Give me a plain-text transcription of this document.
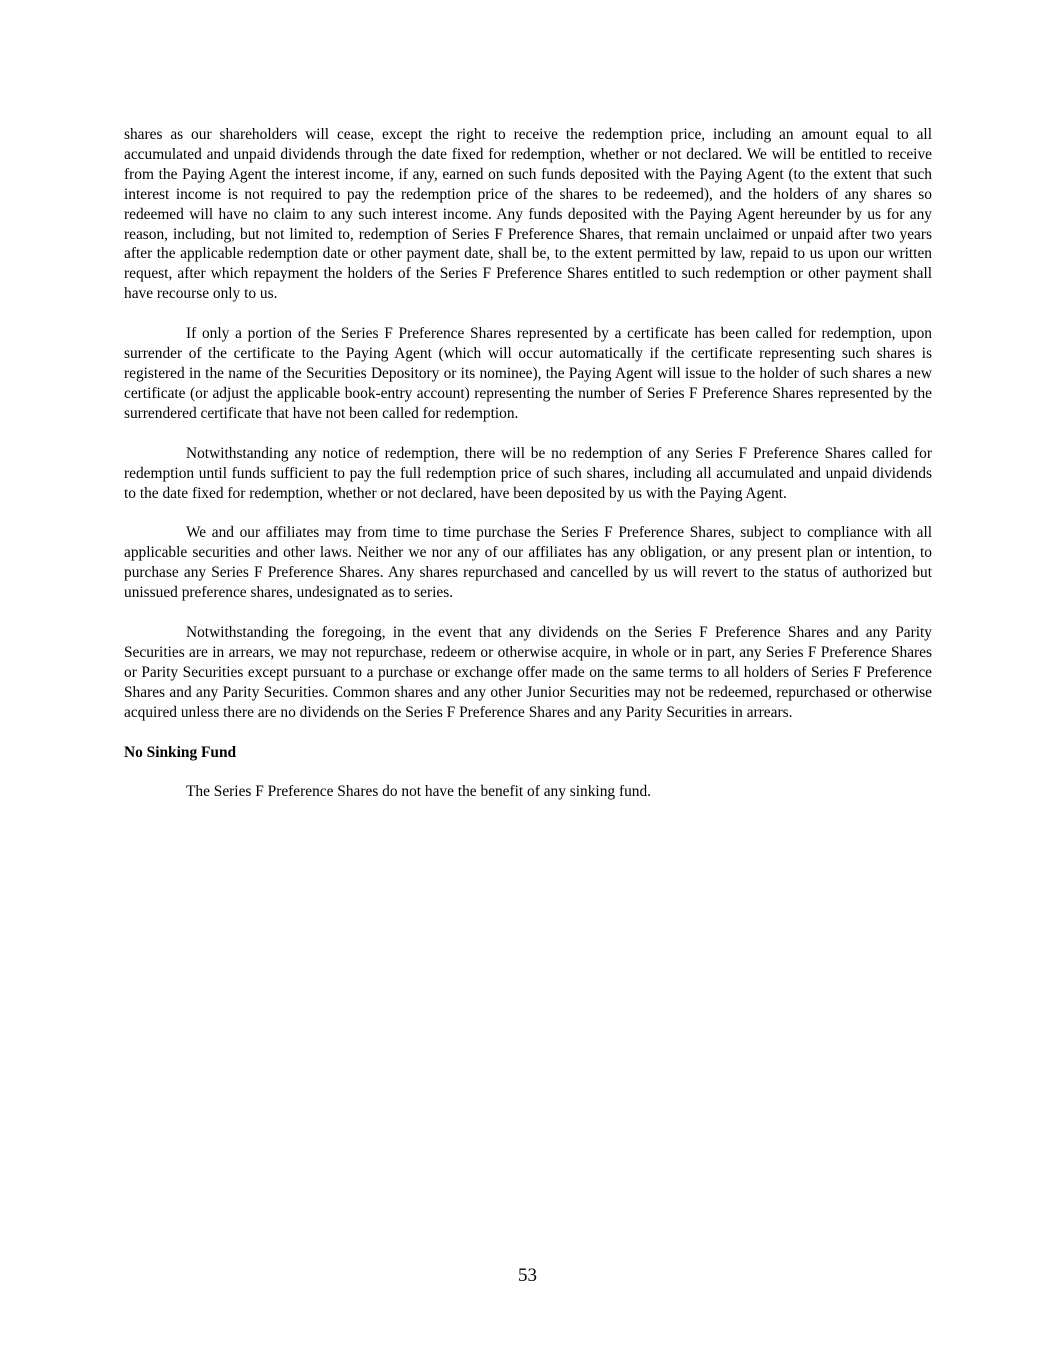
shares as our shareholders will cease, except the right to receive the redemption price, including an amount equal to all accumulated and unpaid dividends through the date fixed for redemption, whether or not declared. We will be entitled to receive from the Paying Agent the interest income, if any, earned on such funds deposited with the Paying Agent (to the extent that such interest income is not required to pay the redemption price of the shares to be redeemed), and the holders of any shares so redeemed will have no claim to any such interest income. Any funds deposited with the Paying Agent hereunder by us for any reason, including, but not limited to, redemption of Series F Preference Shares, that remain unclaimed or unpaid after two years after the applicable redemption date or other payment date, shall be, to the extent permitted by law, repaid to us upon our written request, after which repayment the holders of the Series F Preference Shares entitled to such redemption or other payment shall have recourse only to us.

If only a portion of the Series F Preference Shares represented by a certificate has been called for redemption, upon surrender of the certificate to the Paying Agent (which will occur automatically if the certificate representing such shares is registered in the name of the Securities Depository or its nominee), the Paying Agent will issue to the holder of such shares a new certificate (or adjust the applicable book-entry account) representing the number of Series F Preference Shares represented by the surrendered certificate that have not been called for redemption.

Notwithstanding any notice of redemption, there will be no redemption of any Series F Preference Shares called for redemption until funds sufficient to pay the full redemption price of such shares, including all accumulated and unpaid dividends to the date fixed for redemption, whether or not declared, have been deposited by us with the Paying Agent.

We and our affiliates may from time to time purchase the Series F Preference Shares, subject to compliance with all applicable securities and other laws. Neither we nor any of our affiliates has any obligation, or any present plan or intention, to purchase any Series F Preference Shares. Any shares repurchased and cancelled by us will revert to the status of authorized but unissued preference shares, undesignated as to series.

Notwithstanding the foregoing, in the event that any dividends on the Series F Preference Shares and any Parity Securities are in arrears, we may not repurchase, redeem or otherwise acquire, in whole or in part, any Series F Preference Shares or Parity Securities except pursuant to a purchase or exchange offer made on the same terms to all holders of Series F Preference Shares and any Parity Securities. Common shares and any other Junior Securities may not be redeemed, repurchased or otherwise acquired unless there are no dividends on the Series F Preference Shares and any Parity Securities in arrears.

No Sinking Fund

The Series F Preference Shares do not have the benefit of any sinking fund.

53
